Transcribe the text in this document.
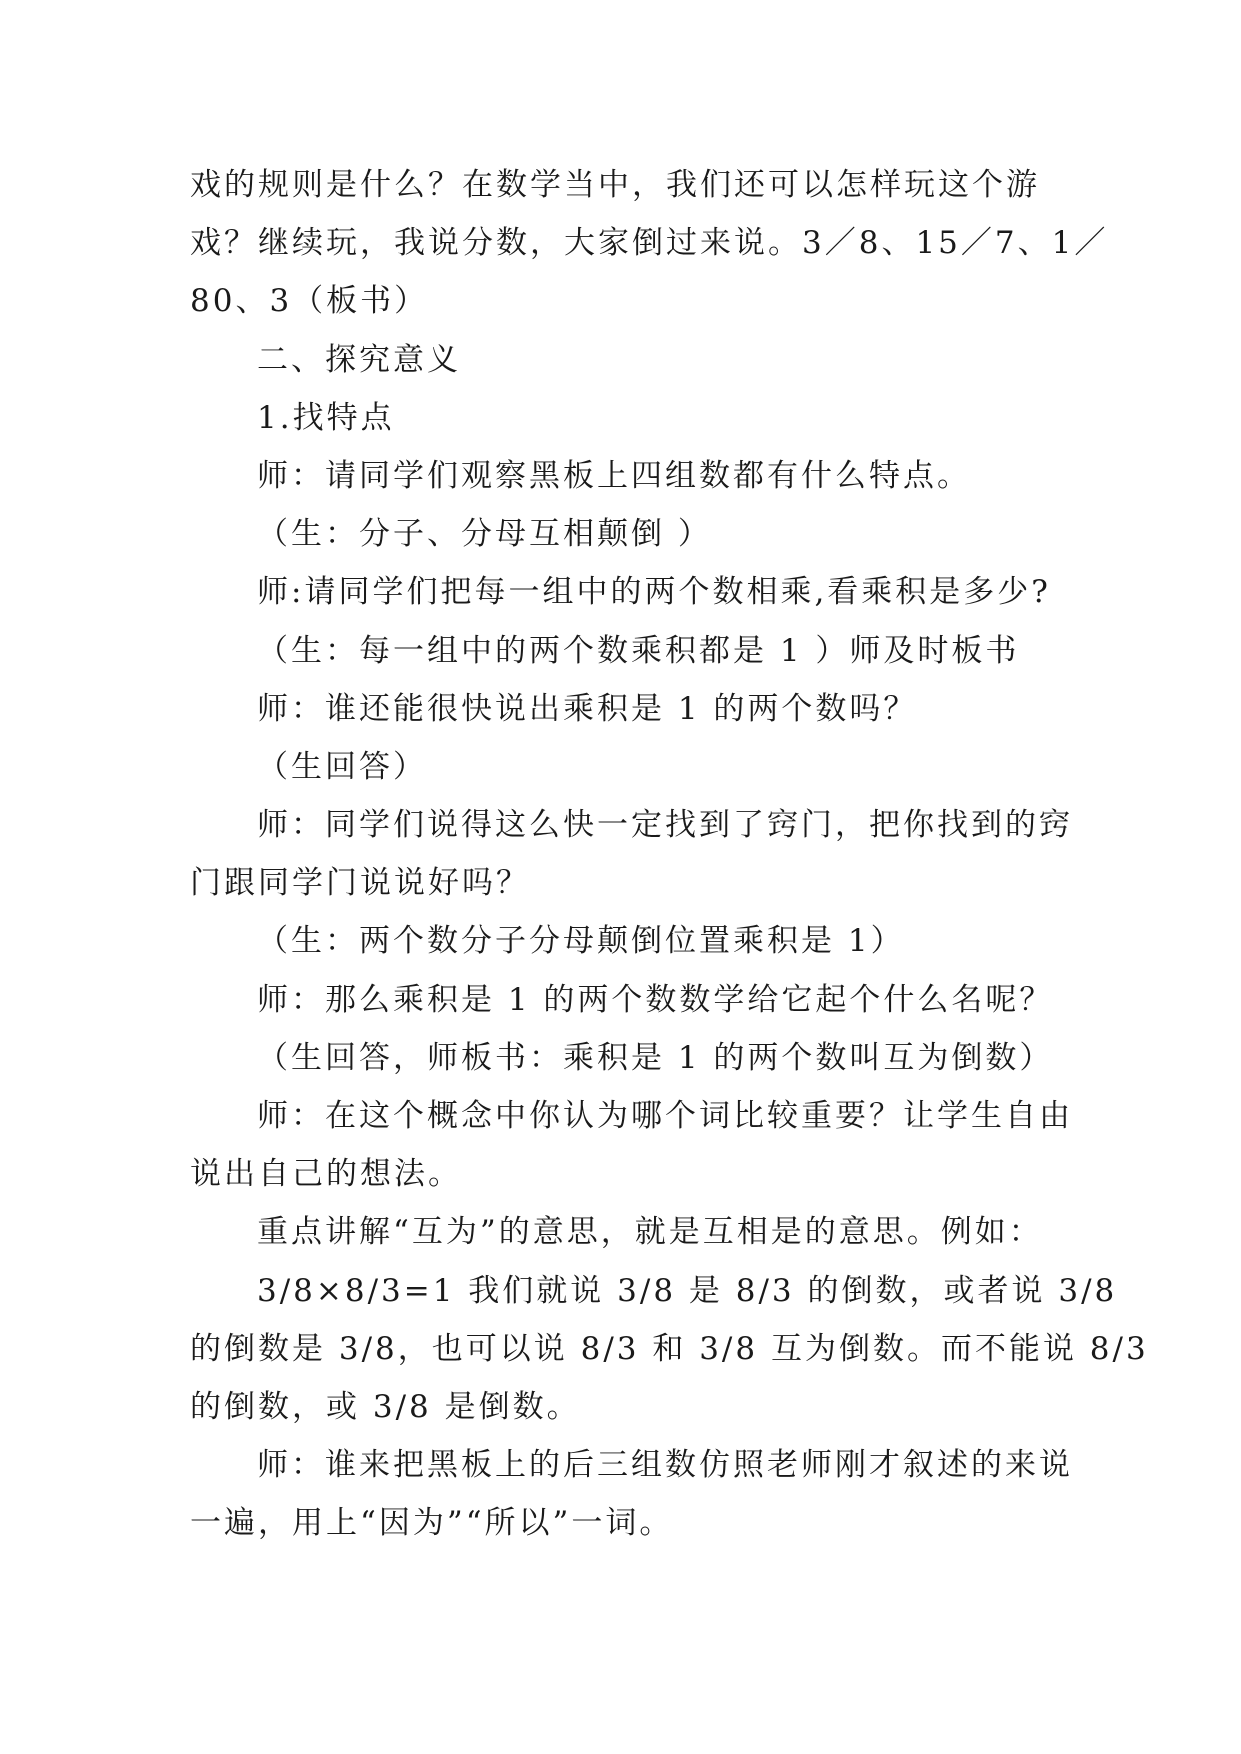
戏的规则是什么？在数学当中，我们还可以怎样玩这个游
戏？继续玩，我说分数，大家倒过来说。3／8、15／7、1／
80、3（板书）
二、探究意义
1.找特点
师：请同学们观察黑板上四组数都有什么特点。
（生：分子、分母互相颠倒 ）
师:请同学们把每一组中的两个数相乘,看乘积是多少?
（生：每一组中的两个数乘积都是 1 ）师及时板书
师：谁还能很快说出乘积是 1 的两个数吗？
（生回答）
师：同学们说得这么快一定找到了窍门，把你找到的窍
门跟同学门说说好吗？
（生：两个数分子分母颠倒位置乘积是 1）
师：那么乘积是 1 的两个数数学给它起个什么名呢？
（生回答，师板书：乘积是 1 的两个数叫互为倒数）
师：在这个概念中你认为哪个词比较重要？让学生自由
说出自己的想法。
重点讲解“互为”的意思，就是互相是的意思。例如：
3/8×8/3=1 我们就说 3/8 是 8/3 的倒数，或者说 3/8
的倒数是 3/8，也可以说 8/3 和 3/8 互为倒数。而不能说 8/3
的倒数，或 3/8 是倒数。
师：谁来把黑板上的后三组数仿照老师刚才叙述的来说
一遍，用上“因为”“所以”一词。
